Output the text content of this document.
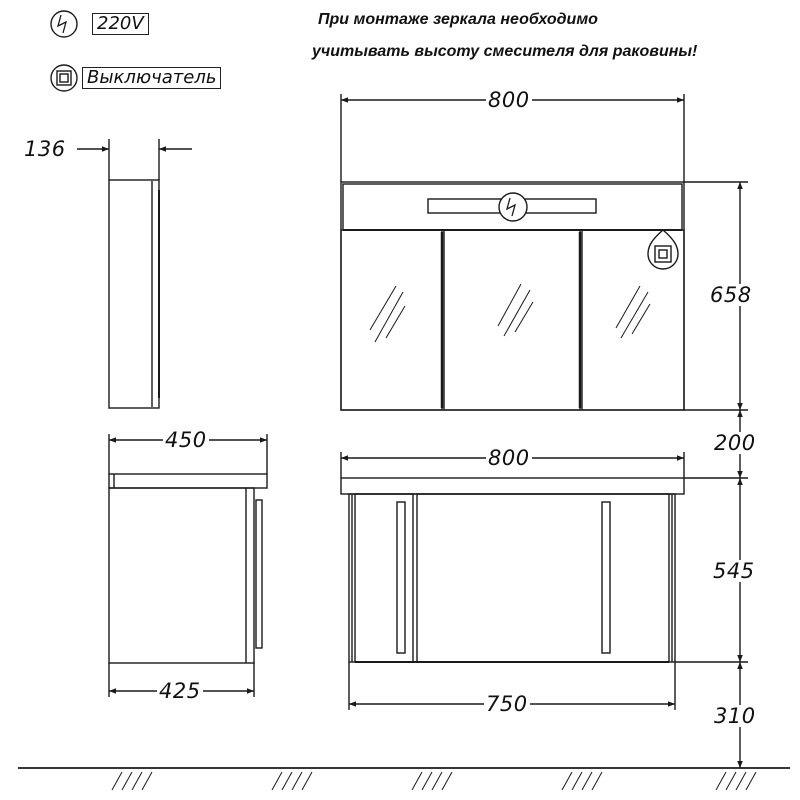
220V
Выключатель
При монтаже зеркала необходимо
учитывать высоту смесителя для раковины!
136
800
658
450
425
800
750
200
545
310
